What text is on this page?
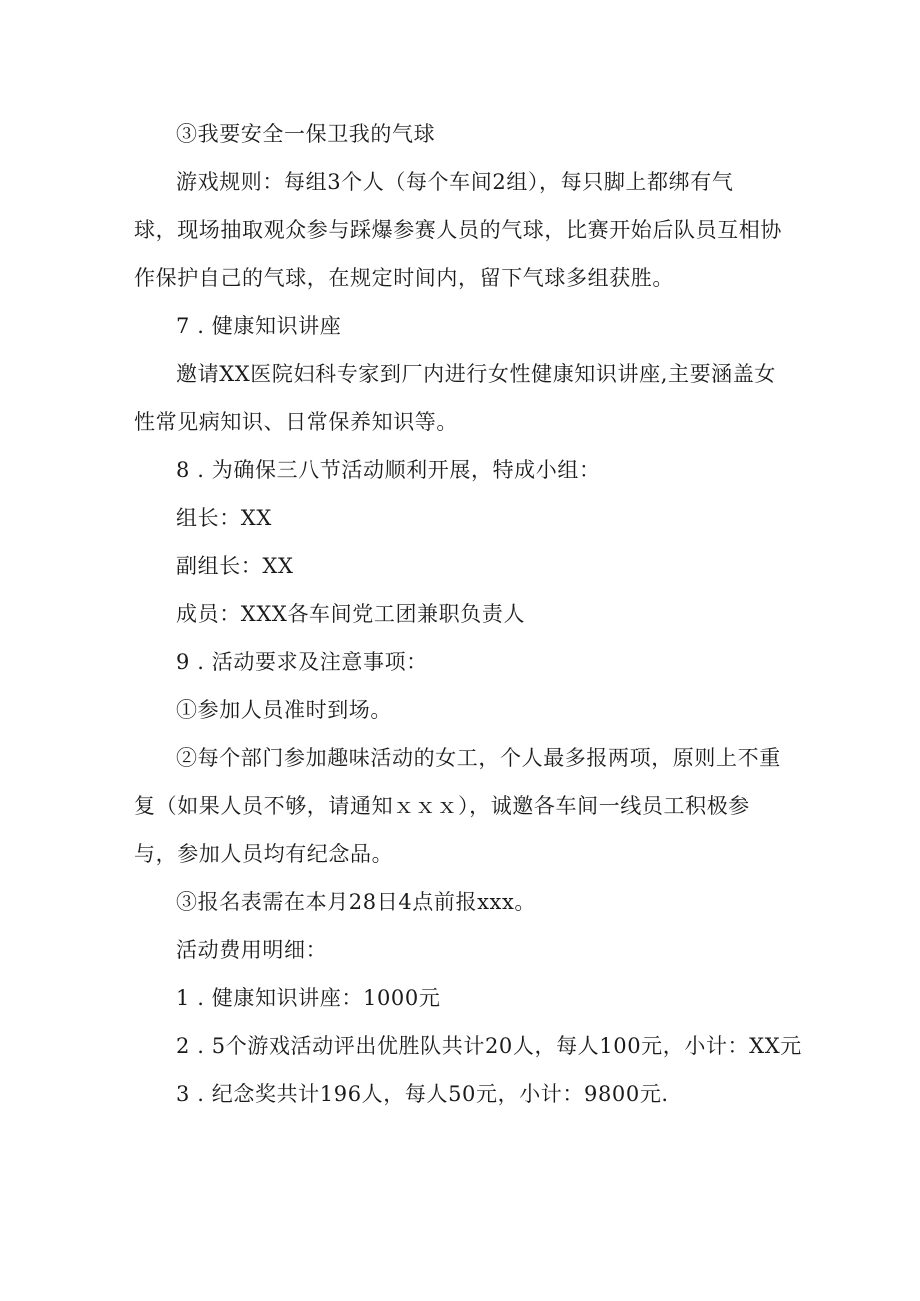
③我要安全一保卫我的气球
游戏规则：每组3个人（每个车间2组），每只脚上都绑有气
球，现场抽取观众参与踩爆参赛人员的气球，比赛开始后队员互相协
作保护自己的气球，在规定时间内，留下气球多组获胜。
7 . 健康知识讲座
邀请XX医院妇科专家到厂内进行女性健康知识讲座,主要涵盖女
性常见病知识、日常保养知识等。
8 . 为确保三八节活动顺利开展，特成小组：
组长：XX
副组长：XX
成员：XXX各车间党工团兼职负责人
9 . 活动要求及注意事项：
①参加人员准时到场。
②每个部门参加趣味活动的女工，个人最多报两项，原则上不重
复（如果人员不够，请通知ｘｘｘ），诚邀各车间一线员工积极参
与，参加人员均有纪念品。
③报名表需在本月28日4点前报xxx。
活动费用明细：
1 . 健康知识讲座：1000元
2 . 5个游戏活动评出优胜队共计20人，每人100元，小计：XX元
3 . 纪念奖共计196人，每人50元，小计：9800元.
